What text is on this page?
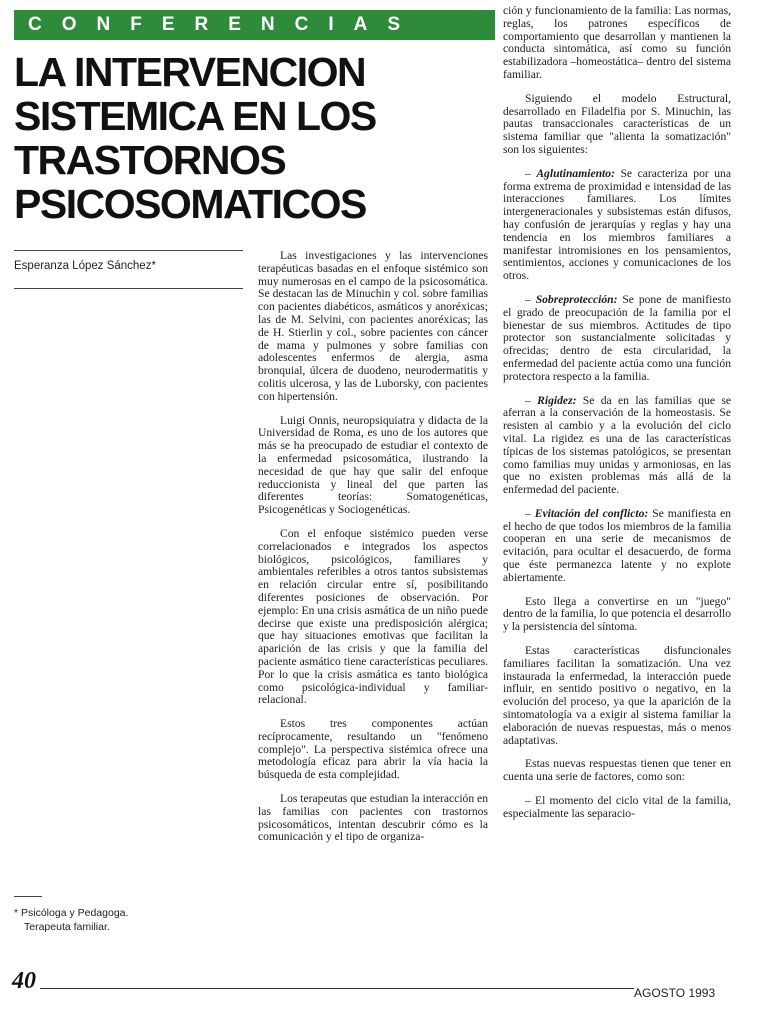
CONFERENCIAS
LA INTERVENCION
SISTEMICA EN LOS
TRASTORNOS
PSICOSOMATICOS
Esperanza López Sánchez*
* Psicóloga y Pedagoga.
Terapeuta familiar.

Las investigaciones y las intervenciones terapéuticas basadas en el enfoque sistémico son muy numerosas en el campo de la psicosomática. Se destacan las de Minuchin y col. sobre familias con pacientes diabéticos, asmáticos y anoréxicas; las de M. Selvini, con pacientes anoréxicas; las de H. Stierlin y col., sobre pacientes con cáncer de mama y pulmones y sobre familias con adolescentes enfermos de alergia, asma bronquial, úlcera de duodeno, neurodermatitis y colitis ulcerosa, y las de Luborsky, con pacientes con hipertensión.

Luigi Onnis, neuropsiquiatra y didacta de la Universidad de Roma, es uno de los autores que más se ha preocupado de estudiar el contexto de la enfermedad psicosomática, ilustrando la necesidad de que hay que salir del enfoque reduccionista y lineal del que parten las diferentes teorías: Somatogenéticas, Psicogenéticas y Sociogenéticas.

Con el enfoque sistémico pueden verse correlacionados e integrados los aspectos biológicos, psicológicos, familiares y ambientales referibles a otros tantos subsistemas en relación circular entre sí, posibilitando diferentes posiciones de observación. Por ejemplo: En una crisis asmática de un niño puede decirse que existe una predisposición alérgica; que hay situaciones emotivas que facilitan la aparición de las crisis y que la familia del paciente asmático tiene características peculiares. Por lo que la crisis asmática es tanto biológica como psicológica-individual y familiar-relacional.

Estos tres componentes actúan recíprocamente, resultando un "fenómeno complejo". La perspectiva sistémica ofrece una metodología eficaz para abrir la vía hacia la búsqueda de esta complejidad.

Los terapeutas que estudian la interacción en las familias con pacientes con trastornos psicosomáticos, intentan descubrir cómo es la comunicación y el tipo de organiza-

ción y funcionamiento de la familia: Las normas, reglas, los patrones específicos de comportamiento que desarrollan y mantienen la conducta sintomática, así como su función estabilizadora –homeostática– dentro del sistema familiar.

Siguiendo el modelo Estructural, desarrollado en Filadelfia por S. Minuchin, las pautas transaccionales características de un sistema familiar que "alienta la somatización" son los siguientes:

– Aglutinamiento: Se caracteriza por una forma extrema de proximidad e intensidad de las interacciones familiares. Los límites intergeneracionales y subsistemas están difusos, hay confusión de jerarquías y reglas y hay una tendencia en los miembros familiares a manifestar intromisiones en los pensamientos, sentimientos, acciones y comunicaciones de los otros.

– Sobreprotección: Se pone de manifiesto el grado de preocupación de la familia por el bienestar de sus miembros. Actitudes de tipo protector son sustancialmente solicitadas y ofrecidas; dentro de esta circularidad, la enfermedad del paciente actúa como una función protectora respecto a la familia.

– Rigidez: Se da en las familias que se aferran a la conservación de la homeostasis. Se resisten al cambio y a la evolución del ciclo vital. La rigidez es una de las características típicas de los sistemas patológicos, se presentan como familias muy unidas y armoniosas, en las que no existen problemas más allá de la enfermedad del paciente.

– Evitación del conflicto: Se manifiesta en el hecho de que todos los miembros de la familia cooperan en una serie de mecanismos de evitación, para ocultar el desacuerdo, de forma que éste permanezca latente y no explote abiertamente.

Esto llega a convertirse en un "juego" dentro de la familia, lo que potencia el desarrollo y la persistencia del síntoma.

Estas características disfuncionales familiares facilitan la somatización. Una vez instaurada la enfermedad, la interacción puede influir, en sentido positivo o negativo, en la evolución del proceso, ya que la aparición de la sintomatología va a exigir al sistema familiar la elaboración de nuevas respuestas, más o menos adaptativas.

Estas nuevas respuestas tienen que tener en cuenta una serie de factores, como son:

– El momento del ciclo vital de la familia, especialmente las separacio-

40	AGOSTO 1993
